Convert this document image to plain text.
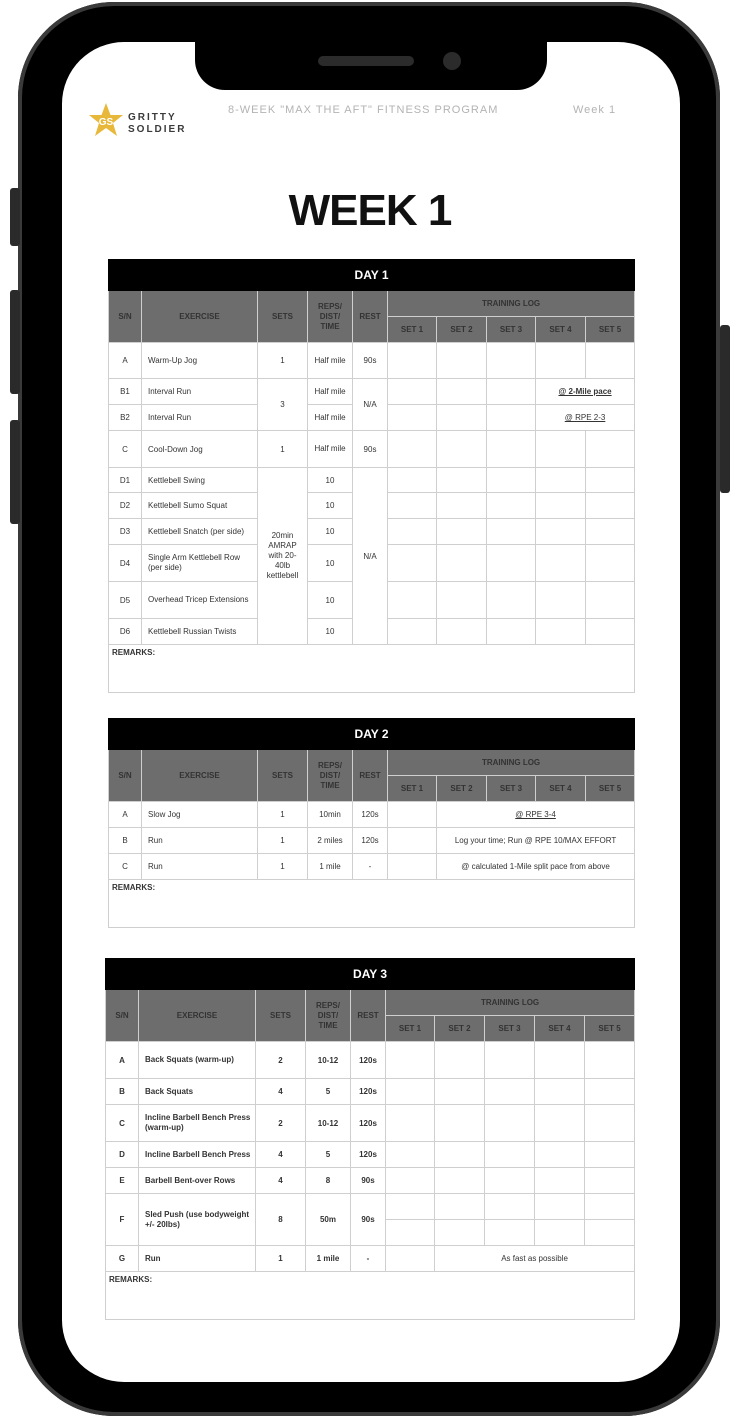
GS GRITTY
SOLDIER
8-WEEK "MAX THE AFT" FITNESS PROGRAM	Week 1
WEEK 1
DAY 1									
S/N	EXERCISE	SETS	REPS/ DIST/ TIME	REST	TRAINING LOG				
					SET 1	SET 2	SET 3	SET 4	SET 5
A	Warm-Up Jog	1	Half mile	90s					
B1	Interval Run	3	Half mile	N/A				@ 2-Mile pace	
B2	Interval Run		Half mile					@ RPE 2-3	
C	Cool-Down Jog	1	Half mile	90s					
D1	Kettlebell Swing	20min AMRAP with 20- 40lb kettlebell	10	N/A					
D2	Kettlebell Sumo Squat		10						
D3	Kettlebell Snatch (per side)		10						
D4	Single Arm Kettlebell Row (per side)		10						
D5	Overhead Tricep Extensions		10						
D6	Kettlebell Russian Twists		10						
REMARKS:									
DAY 2									
S/N	EXERCISE	SETS	REPS/ DIST/ TIME	REST	TRAINING LOG				
					SET 1	SET 2	SET 3	SET 4	SET 5
A	Slow Jog	1	10min	120s		@ RPE 3-4			
B	Run	1	2 miles	120s		Log your time; Run @ RPE 10/MAX EFFORT			
C	Run	1	1 mile	-		@ calculated 1-Mile split pace from above			
REMARKS:									
DAY 3									
S/N	EXERCISE	SETS	REPS/ DIST/ TIME	REST	TRAINING LOG				
					SET 1	SET 2	SET 3	SET 4	SET 5
A	Back Squats (warm-up)	2	10-12	120s					
B	Back Squats	4	5	120s					
C	Incline Barbell Bench Press (warm-up)	2	10-12	120s					
D	Incline Barbell Bench Press	4	5	120s					
E	Barbell Bent-over Rows	4	8	90s					
F	Sled Push (use bodyweight +/- 20lbs)	8	50m	90s					

G	Run	1	1 mile	-		As fast as possible			
REMARKS:									
